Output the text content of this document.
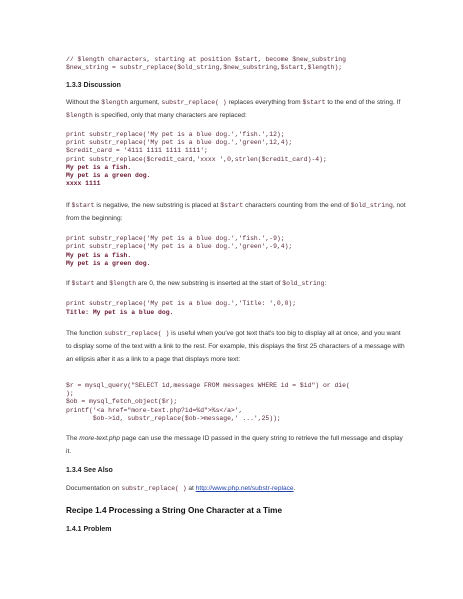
// $length characters, starting at position $start, become $new_substring
$new_string = substr_replace($old_string,$new_substring,$start,$length);
1.3.3 Discussion
Without the $length argument, substr_replace( ) replaces everything from $start to the end of the string. If $length is specified, only that many characters are replaced:
print substr_replace('My pet is a blue dog.','fish.',12);
print substr_replace('My pet is a blue dog.','green',12,4);
$credit_card = '4111 1111 1111 1111';
print substr_replace($credit_card,'xxxx ',0,strlen($credit_card)-4);
My pet is a fish.
My pet is a green dog.
xxxx 1111
If $start is negative, the new substring is placed at $start characters counting from the end of $old_string, not from the beginning:
print substr_replace('My pet is a blue dog.','fish.',-9);
print substr_replace('My pet is a blue dog.','green',-9,4);
My pet is a fish.
My pet is a green dog.
If $start and $length are 0, the new substring is inserted at the start of $old_string:
print substr_replace('My pet is a blue dog.','Title: ',0,0);
Title: My pet is a blue dog.
The function substr_replace( ) is useful when you've got text that's too big to display all at once, and you want to display some of the text with a link to the rest. For example, this displays the first 25 characters of a message with an ellipsis after it as a link to a page that displays more text:
$r = mysql_query("SELECT id,message FROM messages WHERE id = $id") or die(
);
$ob = mysql_fetch_object($r);
printf('<a href="more-text.php?id=%d">%s</a>',
$ob->id, substr_replace($ob->message,' ...',25));
The more-text.php page can use the message ID passed in the query string to retrieve the full message and display it.
1.3.4 See Also
Documentation on substr_replace( ) at http://www.php.net/substr-replace.
Recipe 1.4 Processing a String One Character at a Time
1.4.1 Problem
